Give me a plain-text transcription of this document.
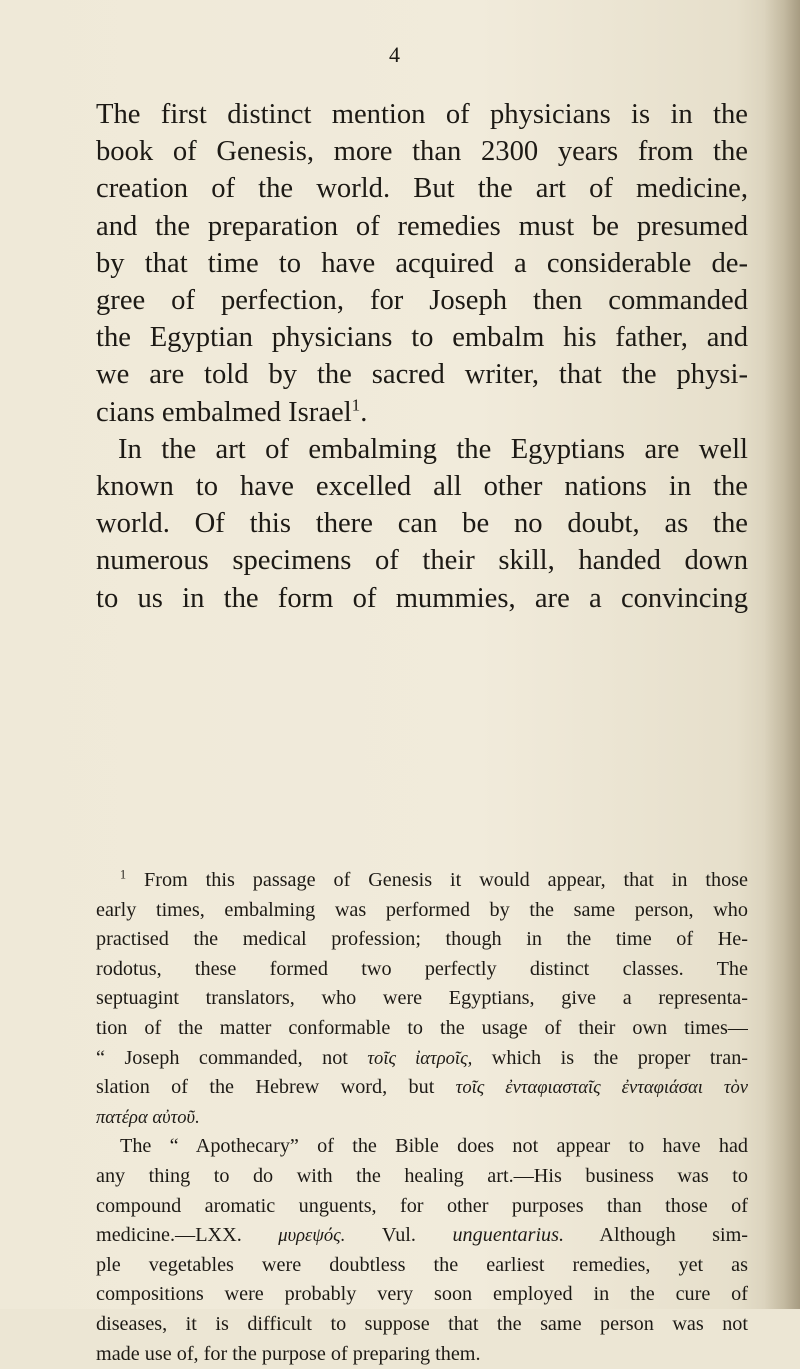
4
The first distinct mention of physicians is in the
book of Genesis, more than 2300 years from the
creation of the world. But the art of medicine,
and the preparation of remedies must be presumed
by that time to have acquired a considerable de-
gree of perfection, for Joseph then commanded
the Egyptian physicians to embalm his father, and
we are told by the sacred writer, that the physi-
cians embalmed Israel$^1$.
In the art of embalming the Egyptians are well
known to have excelled all other nations in the
world. Of this there can be no doubt, as the
numerous specimens of their skill, handed down
to us in the form of mummies, are a convincing
$^1$ From this passage of Genesis it would appear, that in those
early times, embalming was performed by the same person, who
practised the medical profession; though in the time of He-
rodotus, these formed two perfectly distinct classes. The
septuagint translators, who were Egyptians, give a representa-
tion of the matter conformable to the usage of their own times—
“ Joseph commanded, not τοῖς ἰατροῖς, which is the proper tran-
slation of the Hebrew word, but τοῖς ἐνταφιασταῖς ἐνταφιάσαι τὸν
πατέρα αὐτοῦ.
The “ Apothecary” of the Bible does not appear to have had
any thing to do with the healing art.—His business was to
compound aromatic unguents, for other purposes than those of
medicine.—LXX. μυρεψός. Vul. unguentarius. Although sim-
ple vegetables were doubtless the earliest remedies, yet as
compositions were probably very soon employed in the cure of
diseases, it is difficult to suppose that the same person was not
made use of, for the purpose of preparing them.
